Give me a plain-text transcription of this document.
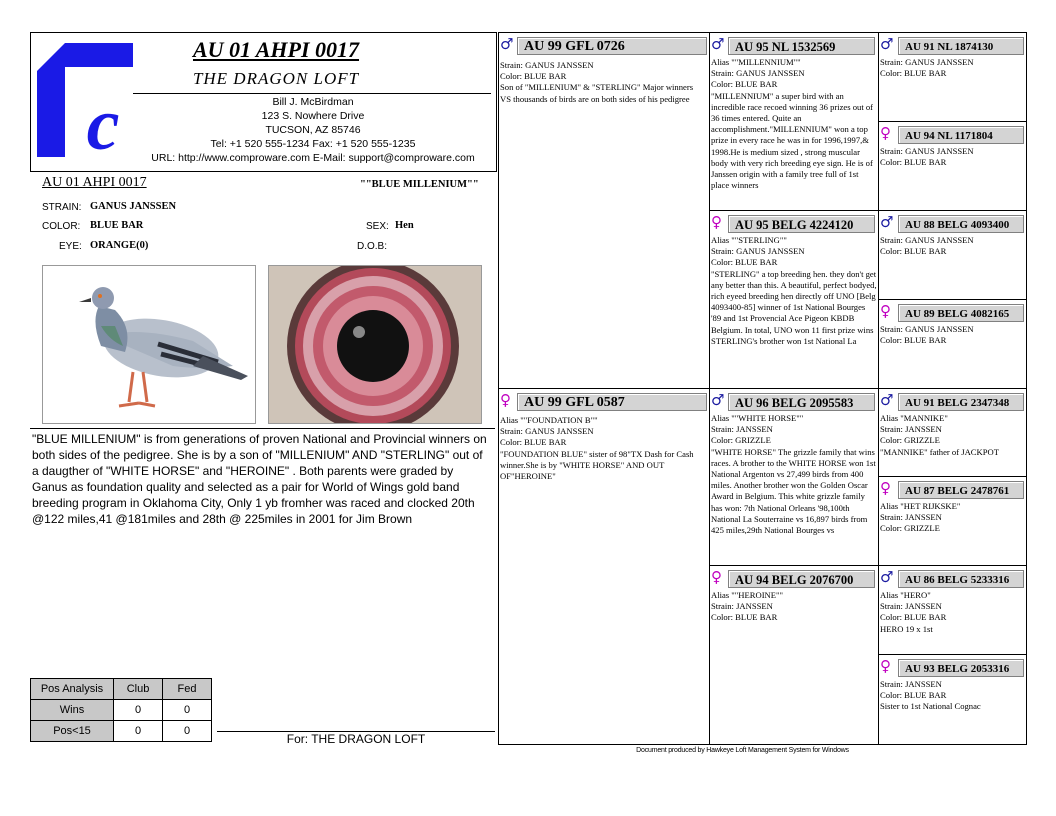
c
AU 01 AHPI 0017
THE DRAGON LOFT
Bill J. McBirdman
123 S. Nowhere Drive
TUCSON, AZ 85746
Tel: +1 520 555-1234 Fax: +1 520 555-1235
URL: http://www.comproware.com E-Mail: support@comproware.com
AU 01 AHPI 0017	""BLUE MILLENIUM""
STRAIN: GANUS JANSSEN
COLOR: BLUE BAR	SEX: Hen
EYE: ORANGE(0)	D.O.B:
"BLUE MILLENIUM" is from generations of proven National and Provincial winners on both sides of the pedigree. She is by a son of "MILLENIUM" AND "STERLING" out of a daugther of "WHITE HORSE" and "HEROINE" . Both parents were graded by Ganus as foundation quality and selected as a pair for World of Wings gold band breeding program in Oklahoma City, Only 1 yb fromher was raced and clocked 20th @122 miles,41 @181miles and 28th @ 225miles in 2001 for Jim Brown
Pos Analysis	Club	Fed
Wins	0	0
Pos<15	0	0
For: THE DRAGON LOFT
♂ AU 99 GFL 0726
Strain: GANUS JANSSEN
Color: BLUE BAR
Son of "MILLENIUM" & "STERLING" Major winners VS thousands of birds are on both sides of his pedigree
♀ AU 99 GFL 0587
Alias ""FOUNDATION B""
Strain: GANUS JANSSEN
Color: BLUE BAR
"FOUNDATION BLUE" sister of 98"TX Dash for Cash winner.She is by "WHITE HORSE" AND OUT OF"HEROINE"
♂ AU 95 NL 1532569
Alias ""MILLENNIUM""
Strain: GANUS JANSSEN
Color: BLUE BAR
"MILLENNIUM" a super bird with an incredible race recoed winning 36 prizes out of 36 times entered. Quite an accomplishment."MILLENNIUM" won a top prize in every race he was in for 1996,1997,& 1998.He is medium sized , strong muscular body with very rich breeding eye sign. He is of Janssen origin with a family tree full of 1st place winners
♀	AU 95 BELG 4224120
Alias ""STERLING""
Strain: GANUS JANSSEN
Color: BLUE BAR
"STERLING" a top breeding hen. they don't get any better than this. A beautiful, perfect bodyed, rich eyeed breeding hen directly off UNO [Belg 4093400-85] winner of 1st National Bourges '89 and 1st Provencial Ace Pigeon KBDB Belgium. In total, UNO won 11 first prize wins STERLING's brother won 1st National La
♂ AU 96 BELG 2095583
Alias ""WHITE HORSE""
Strain: JANSSEN
Color: GRIZZLE
"WHITE HORSE" The grizzle family that wins races. A brother to the WHITE HORSE won 1st National Argenton vs 27,499 birds from 400 miles. Another brother won the Golden Oscar Award in Belgium. This white grizzle family has won: 7th National Orleans '98,100th National La Souterraine vs 16,897 birds from 425 miles,29th National Bourges vs
♀	AU 94 BELG 2076700
Alias ""HEROINE""
Strain: JANSSEN
Color: BLUE BAR
♂	AU 91 NL 1874130
Strain: GANUS JANSSEN
Color: BLUE BAR
♀	AU 94 NL 1171804
Strain: GANUS JANSSEN
Color: BLUE BAR
♂	AU 88 BELG 4093400
Strain: GANUS JANSSEN
Color: BLUE BAR
♀	AU 89 BELG 4082165
Strain: GANUS JANSSEN
Color: BLUE BAR
♂	AU 91 BELG 2347348
Alias "MANNIKE"
Strain: JANSSEN
Color: GRIZZLE
"MANNIKE" father of JACKPOT
♀	AU 87 BELG 2478761
Alias "HET RIJKSKE"
Strain: JANSSEN
Color: GRIZZLE
♂	AU 86 BELG 5233316
Alias "HERO"
Strain: JANSSEN
Color: BLUE BAR
HERO 19 x 1st
♀	AU 93 BELG 2053316
Strain: JANSSEN
Color: BLUE BAR
Sister to 1st National Cognac
Document produced by Hawkeye Loft Management System for Windows
